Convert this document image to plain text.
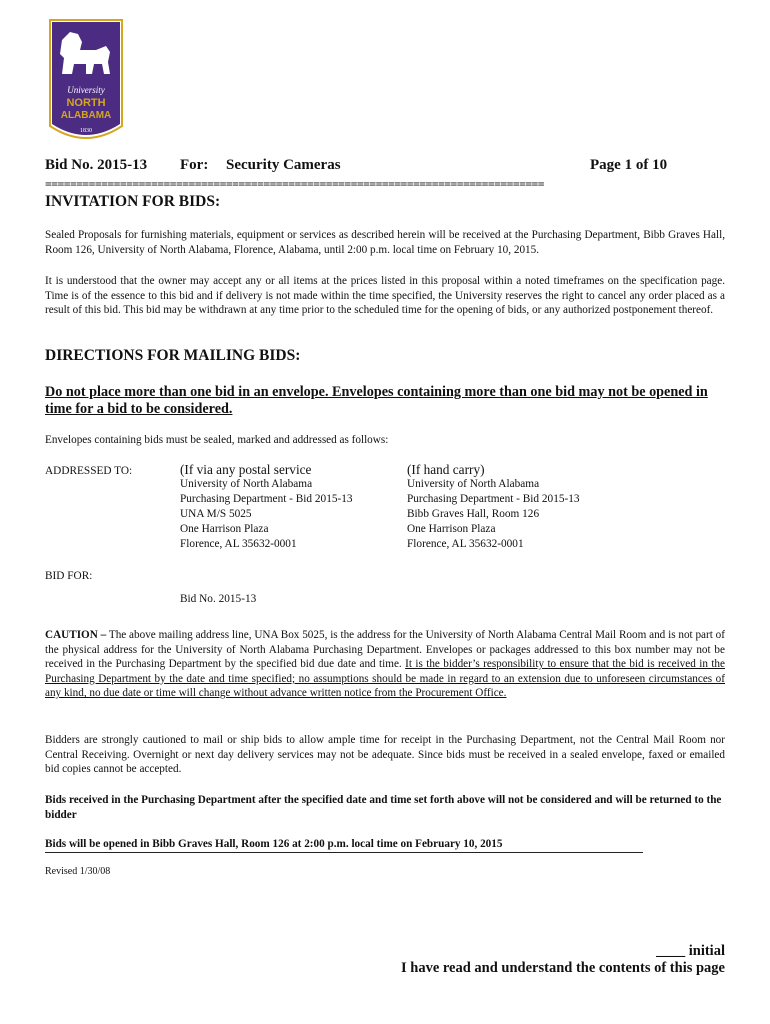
University
NORTH
ALABAMA
1830
Bid No. 2015-13 For: Security Cameras	Page 1 of 10
================================================================================
INVITATION FOR BIDS:
Sealed Proposals for furnishing materials, equipment or services as described herein will be received at the Purchasing Department, Bibb Graves Hall, Room 126, University of North Alabama, Florence, Alabama, until 2:00 p.m. local time on February 10, 2015.
It is understood that the owner may accept any or all items at the prices listed in this proposal within a noted timeframes on the specification page. Time is of the essence to this bid and if delivery is not made within the time specified, the University reserves the right to cancel any order placed as a result of this bid. This bid may be withdrawn at any time prior to the scheduled time for the opening of bids, or any authorized postponement thereof.
DIRECTIONS FOR MAILING BIDS:
Do not place more than one bid in an envelope. Envelopes containing more than one bid may not be opened in time for a bid to be considered.
Envelopes containing bids must be sealed, marked and addressed as follows:
ADDRESSED TO:	(If via any postal service
University of North Alabama
Purchasing Department - Bid 2015-13
UNA M/S 5025
One Harrison Plaza
Florence, AL 35632-0001
(If hand carry)
University of North Alabama
Purchasing Department - Bid 2015-13
Bibb Graves Hall, Room 126
One Harrison Plaza
Florence, AL 35632-0001
BID FOR:
Bid No. 2015-13
CAUTION – The above mailing address line, UNA Box 5025, is the address for the University of North Alabama Central Mail Room and is not part of the physical address for the University of North Alabama Purchasing Department. Envelopes or packages addressed to this box number may not be received in the Purchasing Department by the specified bid due date and time. It is the bidder’s responsibility to ensure that the bid is received in the Purchasing Department by the date and time specified; no assumptions should be made in regard to an extension due to unforeseen circumstances of any kind, no due date or time will change without advance written notice from the Procurement Office.
Bidders are strongly cautioned to mail or ship bids to allow ample time for receipt in the Purchasing Department, not the Central Mail Room nor Central Receiving. Overnight or next day delivery services may not be adequate. Since bids must be received in a sealed envelope, faxed or emailed bid copies cannot be accepted.
Bids received in the Purchasing Department after the specified date and time set forth above will not be considered and will be returned to the bidder
Bids will be opened in Bibb Graves Hall, Room 126 at 2:00 p.m. local time on February 10, 2015
Revised 1/30/08
____ initial
I have read and understand the contents of this page
